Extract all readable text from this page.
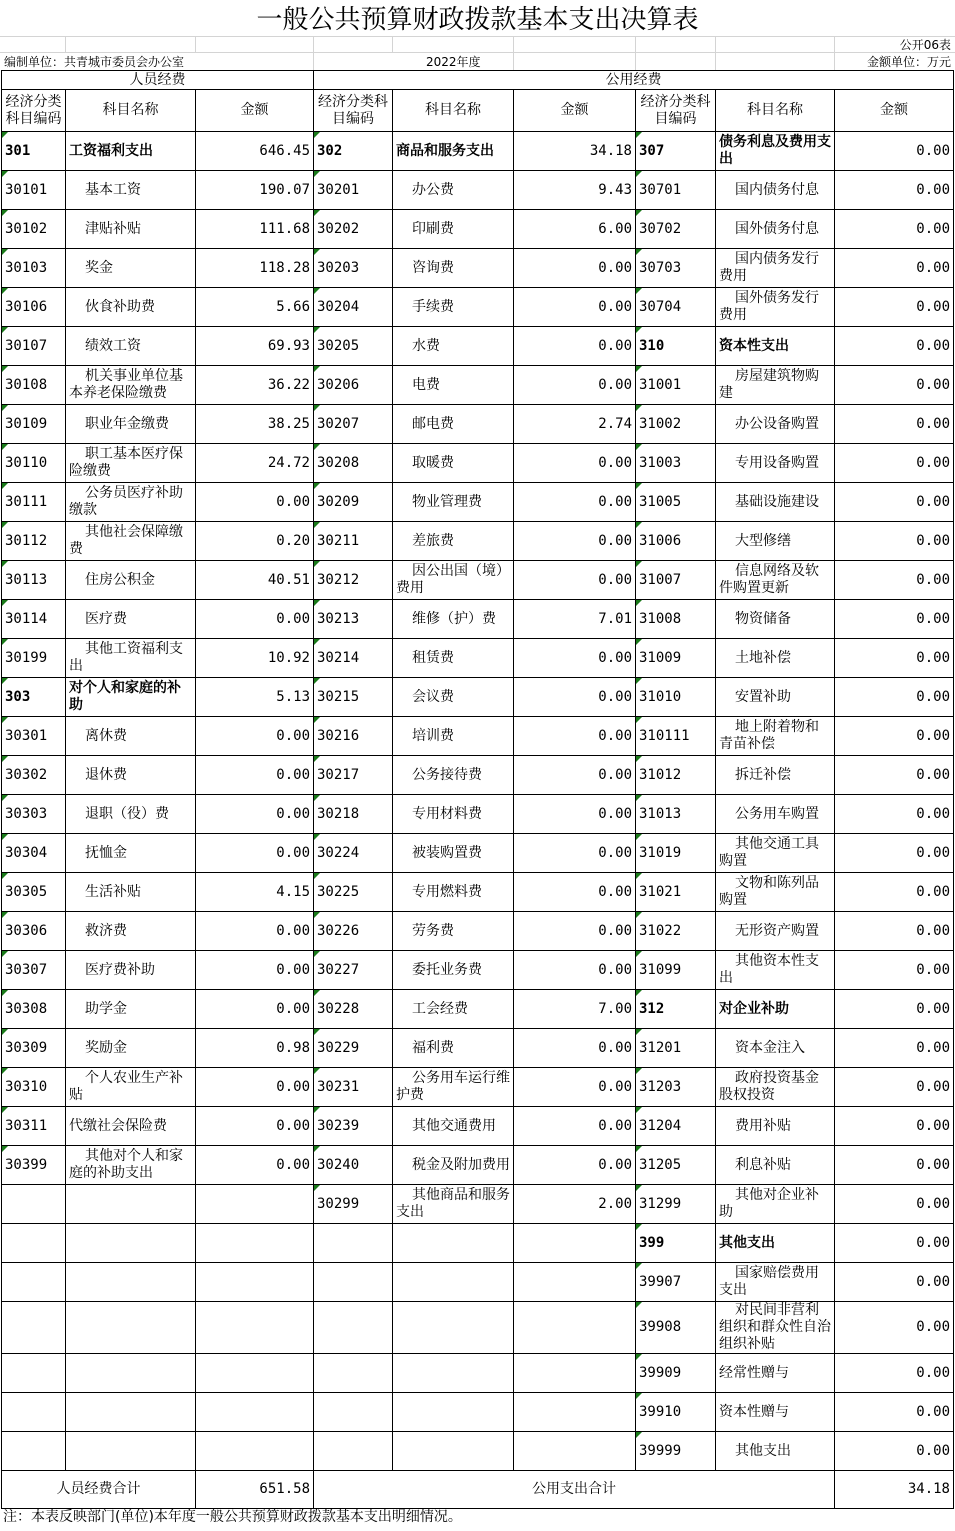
一般公共预算财政拨款基本支出决算表
公开06表
编制单位：共青城市委员会办公室	2022年度	金额单位：万元
人员经费			公用经费					
经济分类科目编码	科目名称	金额	经济分类科目编码	科目名称	金额	经济分类科目编码	科目名称	金额
301	工资福利支出	646.45	302	商品和服务支出	34.18	307	债务利息及费用支出	0.00
30101	基本工资	190.07	30201	办公费	9.43	30701	国内债务付息	0.00
30102	津贴补贴	111.68	30202	印刷费	6.00	30702	国外债务付息	0.00
30103	奖金	118.28	30203	咨询费	0.00	30703	国内债务发行费用	0.00
30106	伙食补助费	5.66	30204	手续费	0.00	30704	国外债务发行费用	0.00
30107	绩效工资	69.93	30205	水费	0.00	310	资本性支出	0.00
30108	机关事业单位基本养老保险缴费	36.22	30206	电费	0.00	31001	房屋建筑物购建	0.00
30109	职业年金缴费	38.25	30207	邮电费	2.74	31002	办公设备购置	0.00
30110	职工基本医疗保险缴费	24.72	30208	取暖费	0.00	31003	专用设备购置	0.00
30111	公务员医疗补助缴款	0.00	30209	物业管理费	0.00	31005	基础设施建设	0.00
30112	其他社会保障缴费	0.20	30211	差旅费	0.00	31006	大型修缮	0.00
30113	住房公积金	40.51	30212	因公出国（境）费用	0.00	31007	信息网络及软件购置更新	0.00
30114	医疗费	0.00	30213	维修（护）费	7.01	31008	物资储备	0.00
30199	其他工资福利支出	10.92	30214	租赁费	0.00	31009	土地补偿	0.00
303	对个人和家庭的补助	5.13	30215	会议费	0.00	31010	安置补助	0.00
30301	离休费	0.00	30216	培训费	0.00	310111	地上附着物和青苗补偿	0.00
30302	退休费	0.00	30217	公务接待费	0.00	31012	拆迁补偿	0.00
30303	退职（役）费	0.00	30218	专用材料费	0.00	31013	公务用车购置	0.00
30304	抚恤金	0.00	30224	被装购置费	0.00	31019	其他交通工具购置	0.00
30305	生活补贴	4.15	30225	专用燃料费	0.00	31021	文物和陈列品购置	0.00
30306	救济费	0.00	30226	劳务费	0.00	31022	无形资产购置	0.00
30307	医疗费补助	0.00	30227	委托业务费	0.00	31099	其他资本性支出	0.00
30308	助学金	0.00	30228	工会经费	7.00	312	对企业补助	0.00
30309	奖励金	0.98	30229	福利费	0.00	31201	资本金注入	0.00
30310	个人农业生产补贴	0.00	30231	公务用车运行维护费	0.00	31203	政府投资基金股权投资	0.00
30311	代缴社会保险费	0.00	30239	其他交通费用	0.00	31204	费用补贴	0.00
30399	其他对个人和家庭的补助支出	0.00	30240	税金及附加费用	0.00	31205	利息补贴	0.00
			30299	其他商品和服务支出	2.00	31299	其他对企业补助	0.00
						399	其他支出	0.00
						39907	国家赔偿费用支出	0.00
						39908	对民间非营利组织和群众性自治组织补贴	0.00
						39909	经常性赠与	0.00
						39910	资本性赠与	0.00
						39999	其他支出	0.00
人员经费合计		651.58	公用支出合计					34.18
注：本表反映部门(单位)本年度一般公共预算财政拨款基本支出明细情况。
